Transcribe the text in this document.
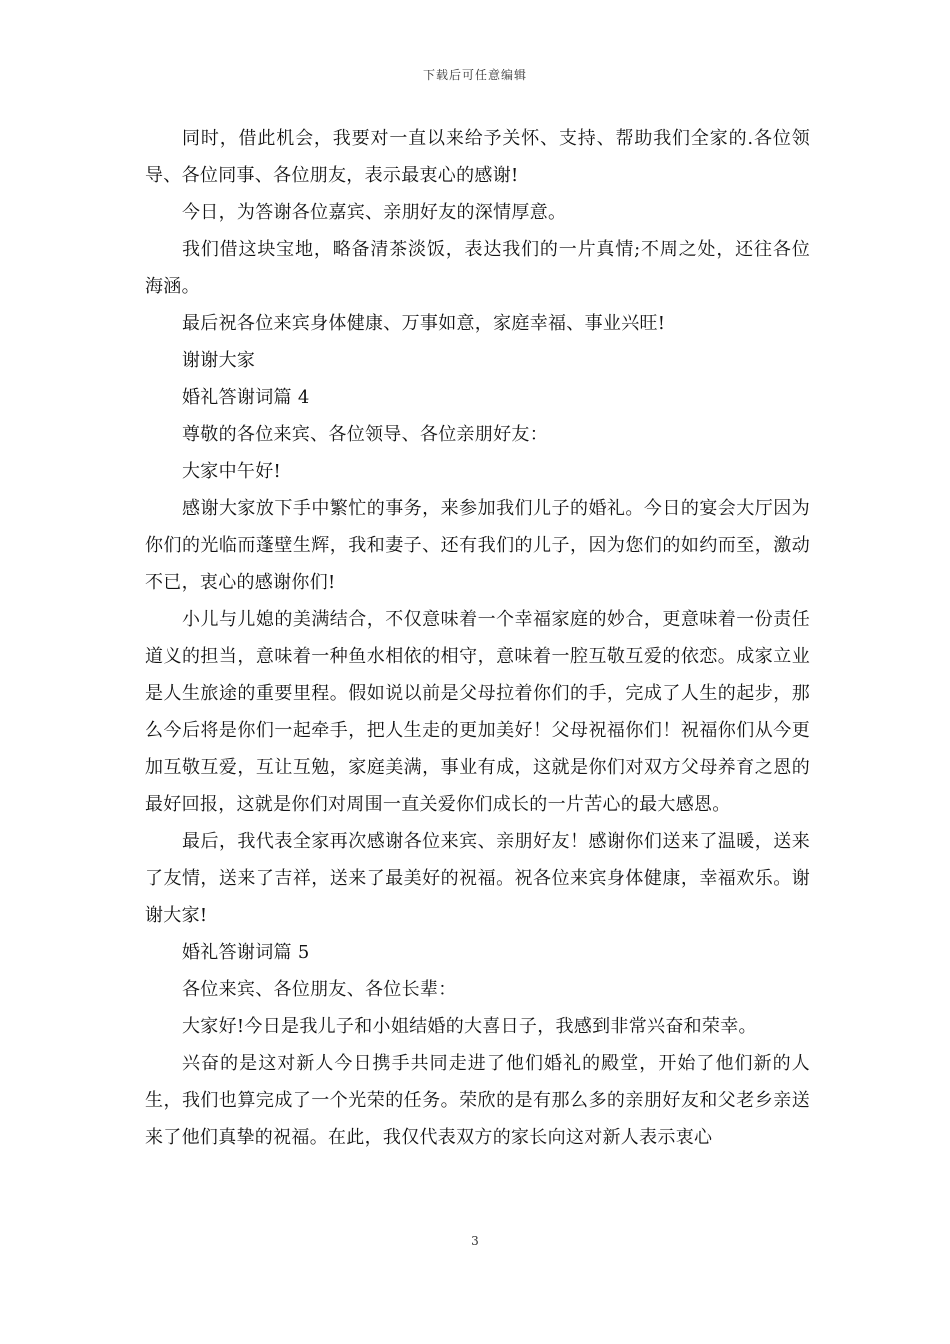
下载后可任意编辑

同时，借此机会，我要对一直以来给予关怀、支持、帮助我们全家的.各位领导、各位同事、各位朋友，表示最衷心的感谢!

今日，为答谢各位嘉宾、亲朋好友的深情厚意。

我们借这块宝地，略备清茶淡饭，表达我们的一片真情;不周之处，还往各位海涵。

最后祝各位来宾身体健康、万事如意，家庭幸福、事业兴旺!

谢谢大家

婚礼答谢词篇 4

尊敬的各位来宾、各位领导、各位亲朋好友：

大家中午好!

感谢大家放下手中繁忙的事务，来参加我们儿子的婚礼。今日的宴会大厅因为你们的光临而蓬壁生辉，我和妻子、还有我们的儿子，因为您们的如约而至，激动不已，衷心的感谢你们!

小儿与儿媳的美满结合，不仅意味着一个幸福家庭的妙合，更意味着一份责任道义的担当，意味着一种鱼水相依的相守，意味着一腔互敬互爱的依恋。成家立业是人生旅途的重要里程。假如说以前是父母拉着你们的手，完成了人生的起步，那么今后将是你们一起牵手，把人生走的更加美好！父母祝福你们！祝福你们从今更加互敬互爱，互让互勉，家庭美满，事业有成，这就是你们对双方父母养育之恩的最好回报，这就是你们对周围一直关爱你们成长的一片苦心的最大感恩。

最后，我代表全家再次感谢各位来宾、亲朋好友！感谢你们送来了温暖，送来了友情，送来了吉祥，送来了最美好的祝福。祝各位来宾身体健康，幸福欢乐。谢谢大家!

婚礼答谢词篇 5

各位来宾、各位朋友、各位长辈：

大家好!今日是我儿子和小姐结婚的大喜日子，我感到非常兴奋和荣幸。

兴奋的是这对新人今日携手共同走进了他们婚礼的殿堂，开始了他们新的人生，我们也算完成了一个光荣的任务。荣欣的是有那么多的亲朋好友和父老乡亲送来了他们真挚的祝福。在此，我仅代表双方的家长向这对新人表示衷心

3
